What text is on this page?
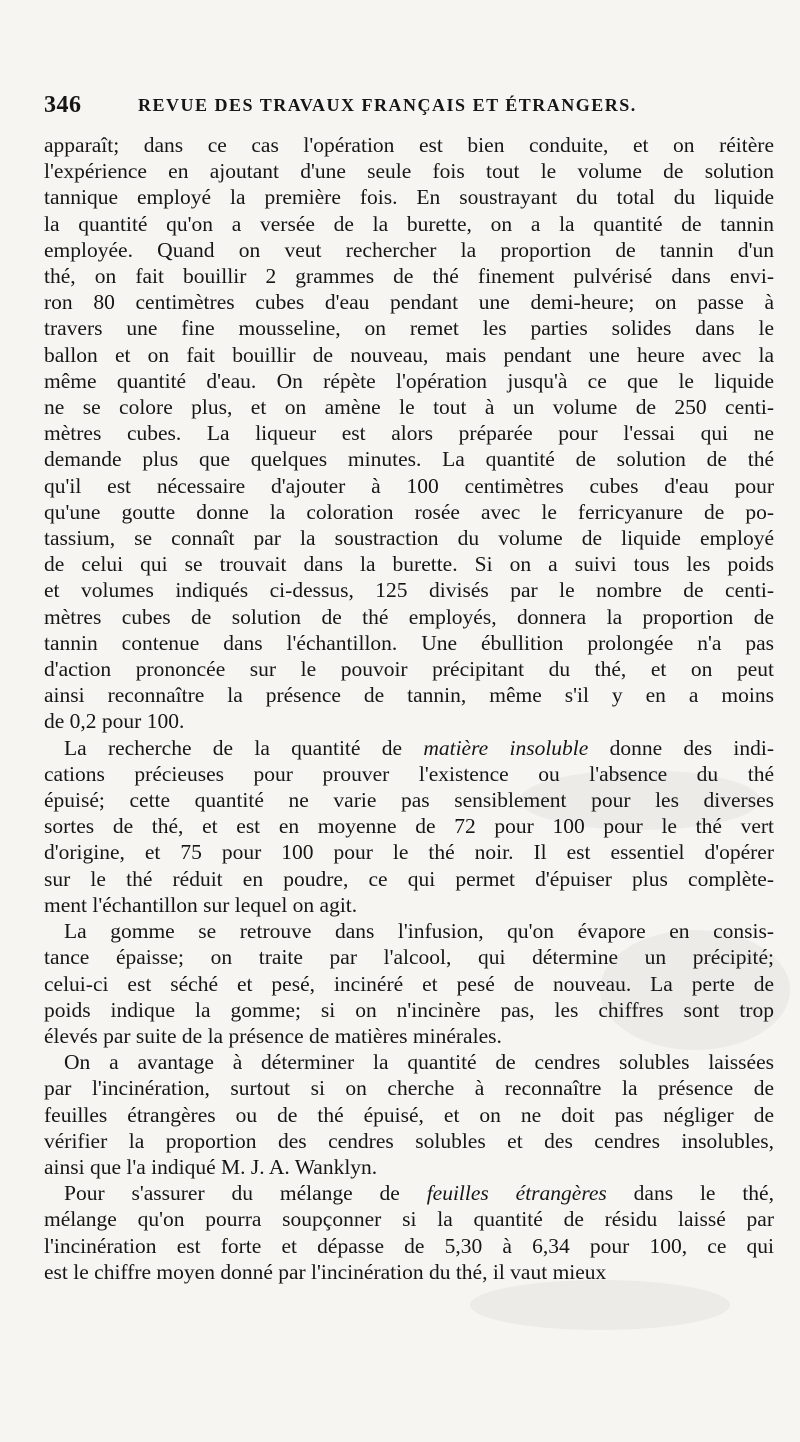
346	REVUE DES TRAVAUX FRANÇAIS ET ÉTRANGERS.
apparaît; dans ce cas l'opération est bien conduite, et on réitère
l'expérience en ajoutant d'une seule fois tout le volume de solution
tannique employé la première fois. En soustrayant du total du liquide
la quantité qu'on a versée de la burette, on a la quantité de tannin
employée. Quand on veut rechercher la proportion de tannin d'un
thé, on fait bouillir 2 grammes de thé finement pulvérisé dans envi-
ron 80 centimètres cubes d'eau pendant une demi-heure; on passe à
travers une fine mousseline, on remet les parties solides dans le
ballon et on fait bouillir de nouveau, mais pendant une heure avec la
même quantité d'eau. On répète l'opération jusqu'à ce que le liquide
ne se colore plus, et on amène le tout à un volume de 250 centi-
mètres cubes. La liqueur est alors préparée pour l'essai qui ne
demande plus que quelques minutes. La quantité de solution de thé
qu'il est nécessaire d'ajouter à 100 centimètres cubes d'eau pour
qu'une goutte donne la coloration rosée avec le ferricyanure de po-
tassium, se connaît par la soustraction du volume de liquide employé
de celui qui se trouvait dans la burette. Si on a suivi tous les poids
et volumes indiqués ci-dessus, 125 divisés par le nombre de centi-
mètres cubes de solution de thé employés, donnera la proportion de
tannin contenue dans l'échantillon. Une ébullition prolongée n'a pas
d'action prononcée sur le pouvoir précipitant du thé, et on peut
ainsi reconnaître la présence de tannin, même s'il y en a moins
de 0,2 pour 100.
La recherche de la quantité de matière insoluble donne des indi-
cations précieuses pour prouver l'existence ou l'absence du thé
épuisé; cette quantité ne varie pas sensiblement pour les diverses
sortes de thé, et est en moyenne de 72 pour 100 pour le thé vert
d'origine, et 75 pour 100 pour le thé noir. Il est essentiel d'opérer
sur le thé réduit en poudre, ce qui permet d'épuiser plus complète-
ment l'échantillon sur lequel on agit.
La gomme se retrouve dans l'infusion, qu'on évapore en consis-
tance épaisse; on traite par l'alcool, qui détermine un précipité;
celui-ci est séché et pesé, incinéré et pesé de nouveau. La perte de
poids indique la gomme; si on n'incinère pas, les chiffres sont trop
élevés par suite de la présence de matières minérales.
On a avantage à déterminer la quantité de cendres solubles laissées
par l'incinération, surtout si on cherche à reconnaître la présence de
feuilles étrangères ou de thé épuisé, et on ne doit pas négliger de
vérifier la proportion des cendres solubles et des cendres insolubles,
ainsi que l'a indiqué M. J. A. Wanklyn.
Pour s'assurer du mélange de feuilles étrangères dans le thé,
mélange qu'on pourra soupçonner si la quantité de résidu laissé par
l'incinération est forte et dépasse de 5,30 à 6,34 pour 100, ce qui
est le chiffre moyen donné par l'incinération du thé, il vaut mieux
